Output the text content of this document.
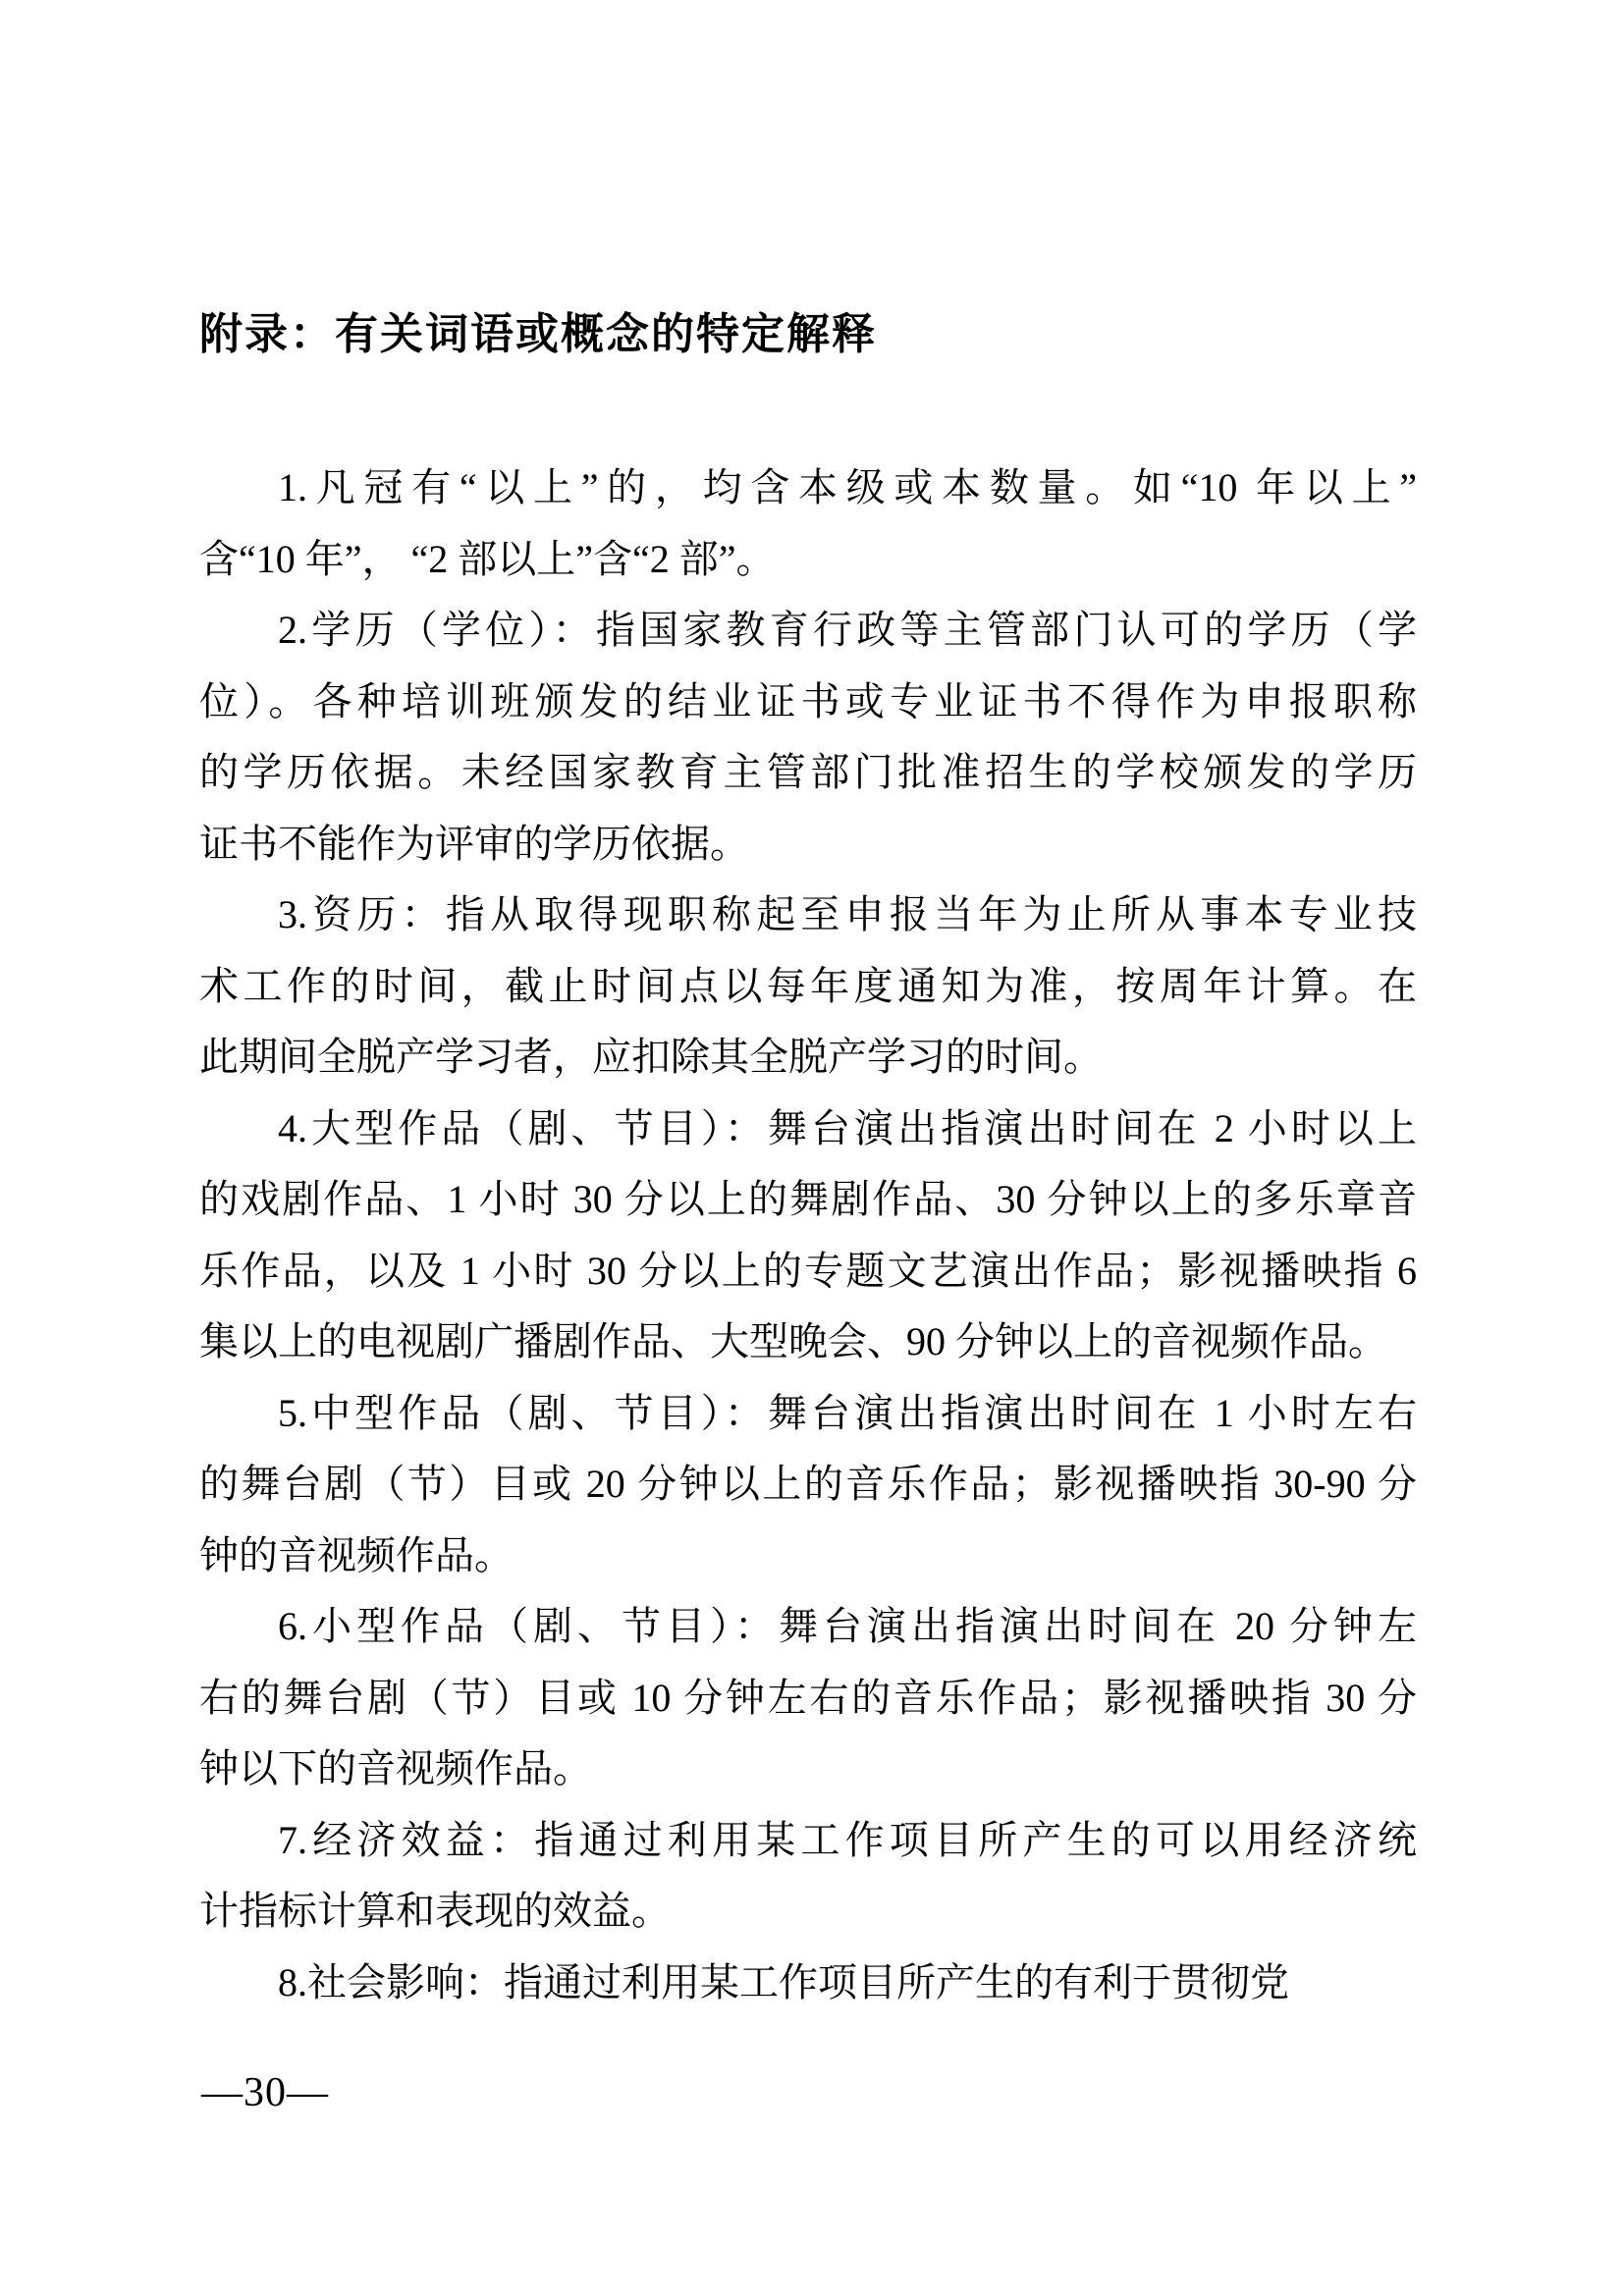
附录：有关词语或概念的特定解释
1.凡冠有“以上”的，均含本级或本数量。如“10 年以上”
含“10 年”， “2 部以上”含“2 部”。
2.学历（学位）：指国家教育行政等主管部门认可的学历（学
位）。各种培训班颁发的结业证书或专业证书不得作为申报职称
的学历依据。未经国家教育主管部门批准招生的学校颁发的学历
证书不能作为评审的学历依据。
3.资历：指从取得现职称起至申报当年为止所从事本专业技
术工作的时间，截止时间点以每年度通知为准，按周年计算。在
此期间全脱产学习者，应扣除其全脱产学习的时间。
4.大型作品（剧、节目）：舞台演出指演出时间在 2 小时以上
的戏剧作品、1 小时 30 分以上的舞剧作品、30 分钟以上的多乐章音
乐作品，以及 1 小时 30 分以上的专题文艺演出作品；影视播映指 6
集以上的电视剧广播剧作品、大型晚会、90 分钟以上的音视频作品。
5.中型作品（剧、节目）：舞台演出指演出时间在 1 小时左右
的舞台剧（节）目或 20 分钟以上的音乐作品；影视播映指 30-90 分
钟的音视频作品。
6.小型作品（剧、节目）：舞台演出指演出时间在 20 分钟左
右的舞台剧（节）目或 10 分钟左右的音乐作品；影视播映指 30 分
钟以下的音视频作品。
7.经济效益：指通过利用某工作项目所产生的可以用经济统
计指标计算和表现的效益。
8.社会影响：指通过利用某工作项目所产生的有利于贯彻党
—30—
